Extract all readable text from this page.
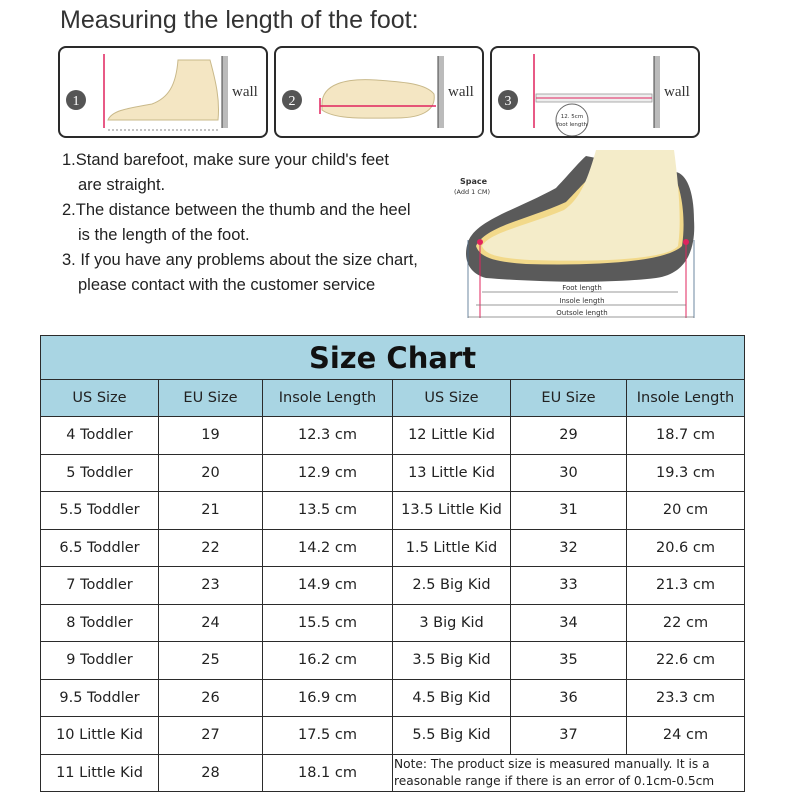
Measuring the length of the foot:
1
wall
2
wall
3
12. 5cm
foot length
wall
1.Stand barefoot, make sure your child's feet
are straight.
2.The distance between the thumb and the heel
is the length of the foot.
3. If you have any problems about the size chart,
please contact with the customer service
Space
(Add 1 CM)
Foot length
Insole length
Outsole length
Size Chart					
US Size	EU Size	Insole Length	US Size	EU Size	Insole Length
4 Toddler	19	12.3 cm	12 Little Kid	29	18.7 cm
5 Toddler	20	12.9 cm	13 Little Kid	30	19.3 cm
5.5 Toddler	21	13.5 cm	13.5 Little Kid	31	20 cm
6.5 Toddler	22	14.2 cm	1.5 Little Kid	32	20.6 cm
7 Toddler	23	14.9 cm	2.5 Big Kid	33	21.3 cm
8 Toddler	24	15.5 cm	3 Big Kid	34	22 cm
9 Toddler	25	16.2 cm	3.5 Big Kid	35	22.6 cm
9.5 Toddler	26	16.9 cm	4.5 Big Kid	36	23.3 cm
10 Little Kid	27	17.5 cm	5.5 Big Kid	37	24 cm
11 Little Kid	28	18.1 cm	Note: The product size is measured manually. It is a
reasonable range if there is an error of 0.1cm-0.5cm		
